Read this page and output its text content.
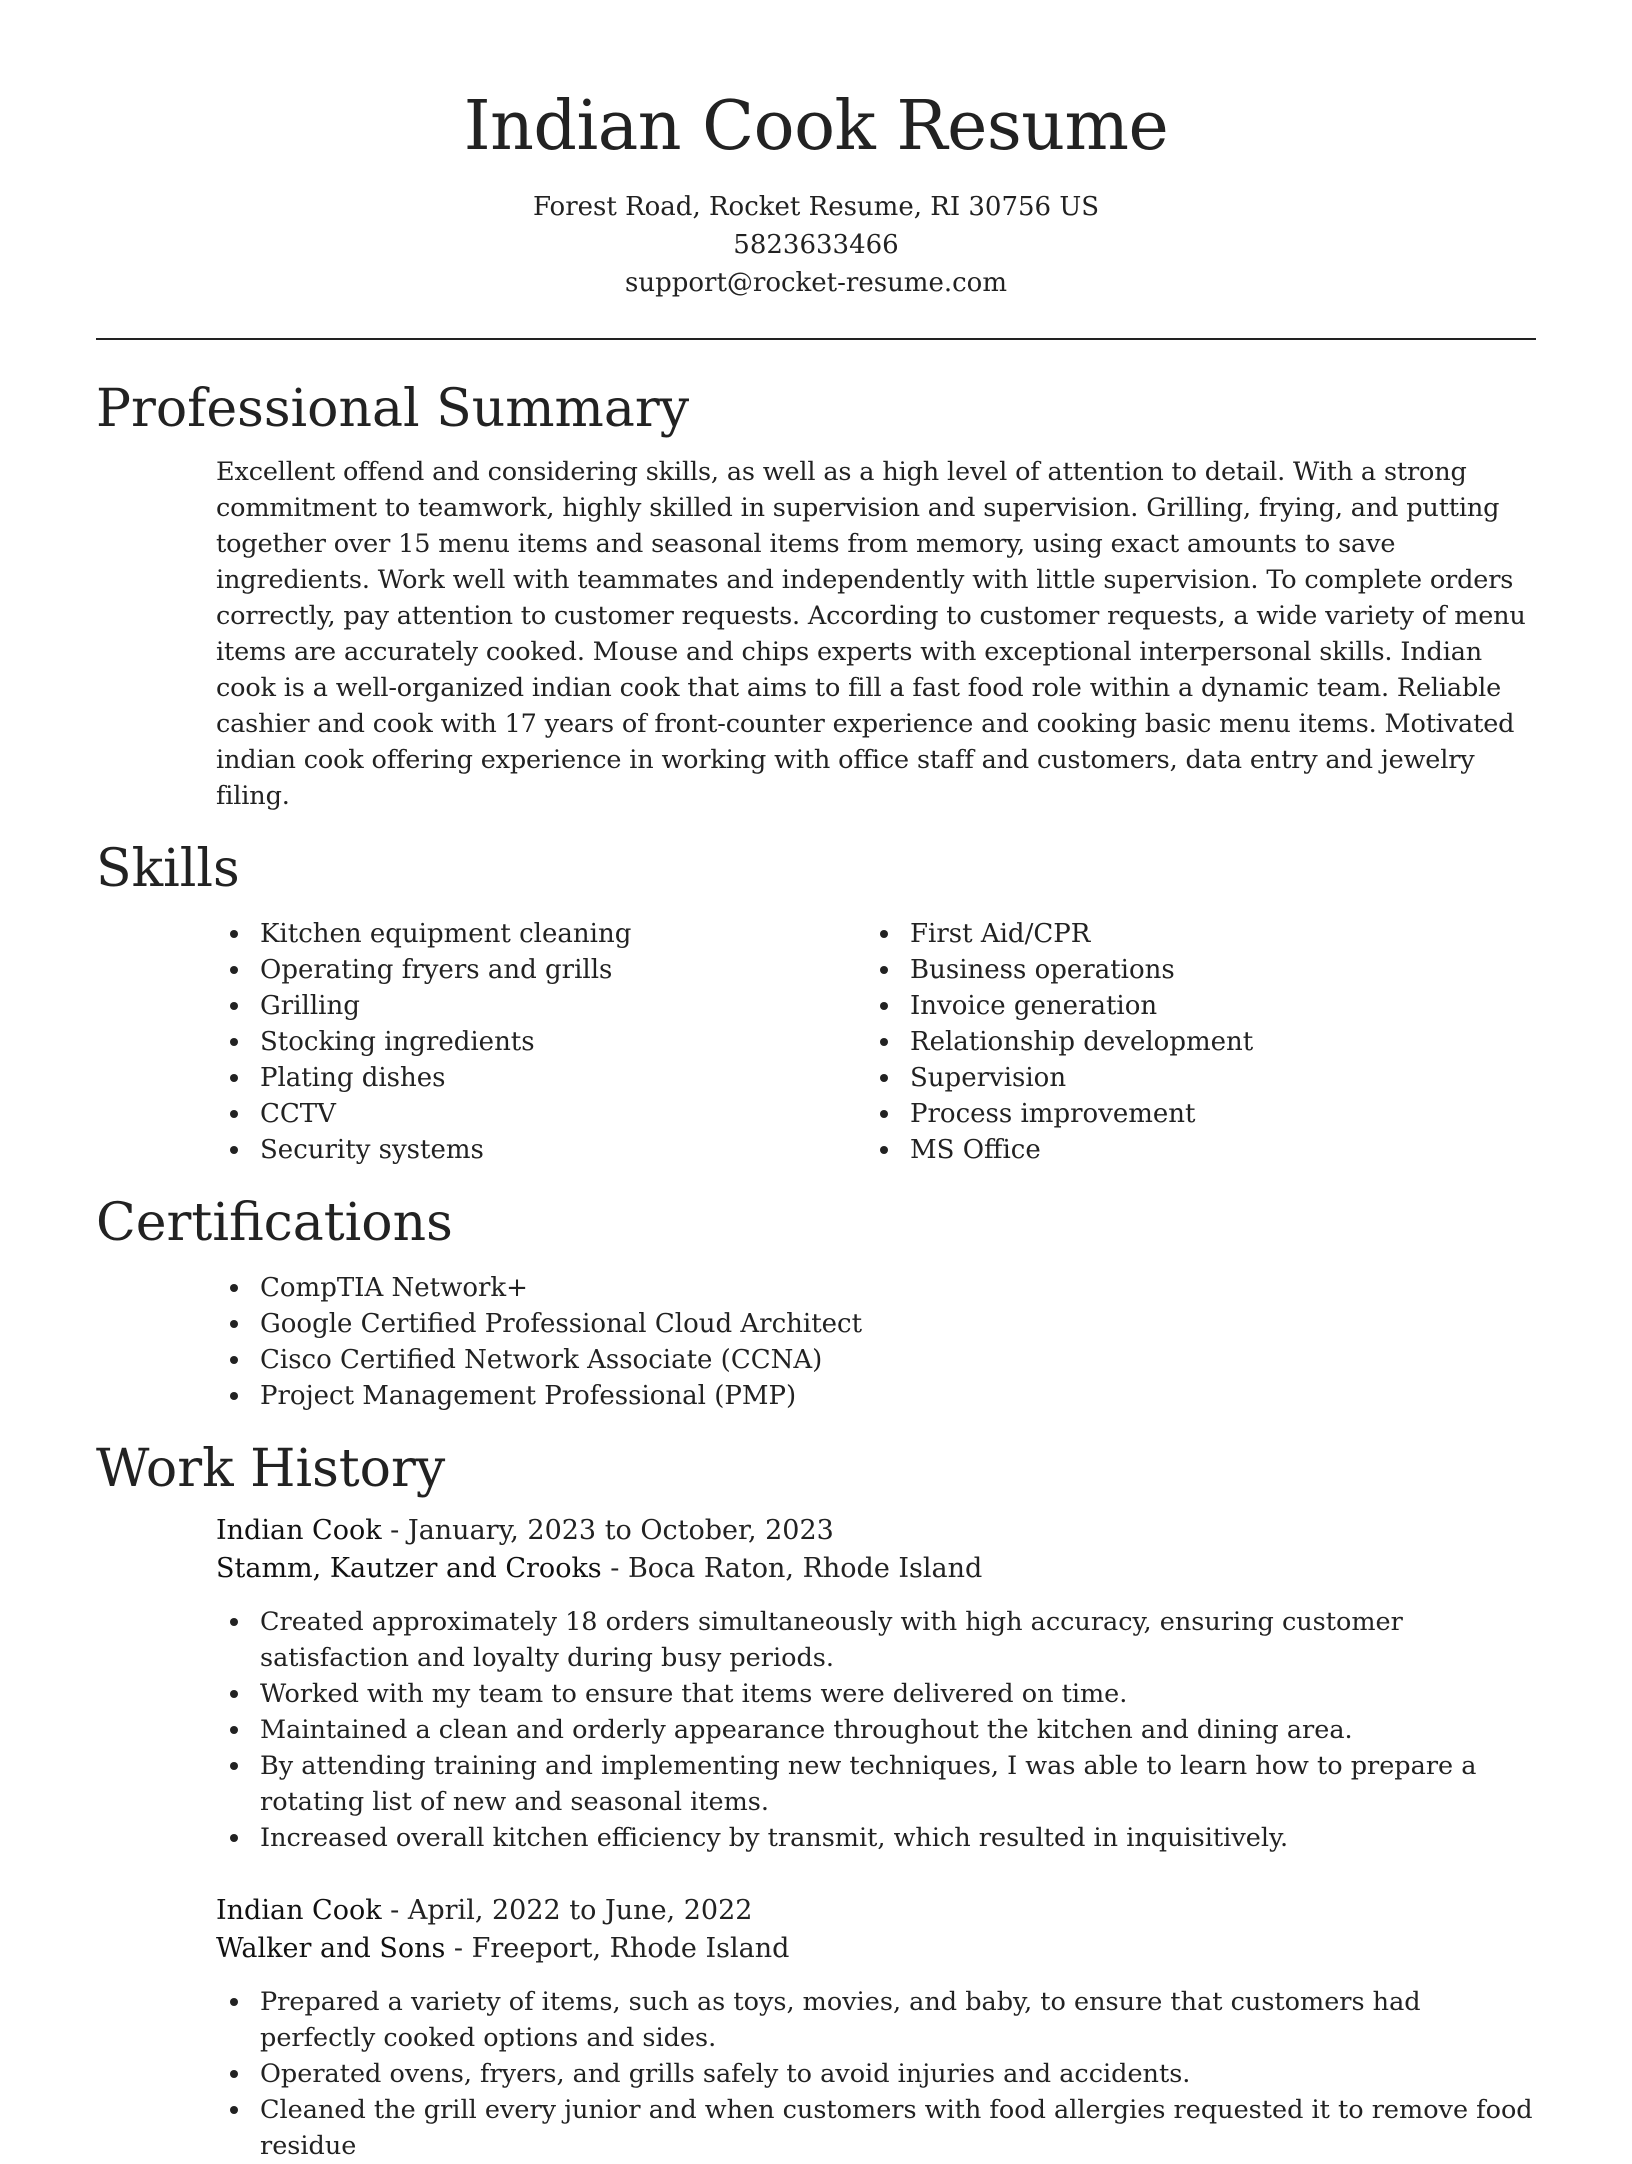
Indian Cook Resume
Forest Road, Rocket Resume, RI 30756 US
5823633466
support@rocket-resume.com
Professional Summary

Excellent offend and considering skills, as well as a high level of attention to detail. With a strong commitment to teamwork, highly skilled in supervision and supervision. Grilling, frying, and putting together over 15 menu items and seasonal items from memory, using exact amounts to save ingredients. Work well with teammates and independently with little supervision. To complete orders correctly, pay attention to customer requests. According to customer requests, a wide variety of menu items are accurately cooked. Mouse and chips experts with exceptional interpersonal skills. Indian cook is a well-organized indian cook that aims to fill a fast food role within a dynamic team. Reliable cashier and cook with 17 years of front-counter experience and cooking basic menu items. Motivated indian cook offering experience in working with office staff and customers, data entry and jewelry filing.

Skills
Kitchen equipment cleaning
Operating fryers and grills
Grilling
Stocking ingredients
Plating dishes
CCTV
Security systems
First Aid/CPR
Business operations
Invoice generation
Relationship development
Supervision
Process improvement
MS Office
Certifications
CompTIA Network+
Google Certified Professional Cloud Architect
Cisco Certified Network Associate (CCNA)
Project Management Professional (PMP)
Work History
Indian Cook - January, 2023 to October, 2023
Stamm, Kautzer and Crooks - Boca Raton, Rhode Island
Created approximately 18 orders simultaneously with high accuracy, ensuring customer satisfaction and loyalty during busy periods.
Worked with my team to ensure that items were delivered on time.
Maintained a clean and orderly appearance throughout the kitchen and dining area.
By attending training and implementing new techniques, I was able to learn how to prepare a rotating list of new and seasonal items.
Increased overall kitchen efficiency by transmit, which resulted in inquisitively.
Indian Cook - April, 2022 to June, 2022
Walker and Sons - Freeport, Rhode Island
Prepared a variety of items, such as toys, movies, and baby, to ensure that customers had perfectly cooked options and sides.
Operated ovens, fryers, and grills safely to avoid injuries and accidents.
Cleaned the grill every junior and when customers with food allergies requested it to remove food residue
